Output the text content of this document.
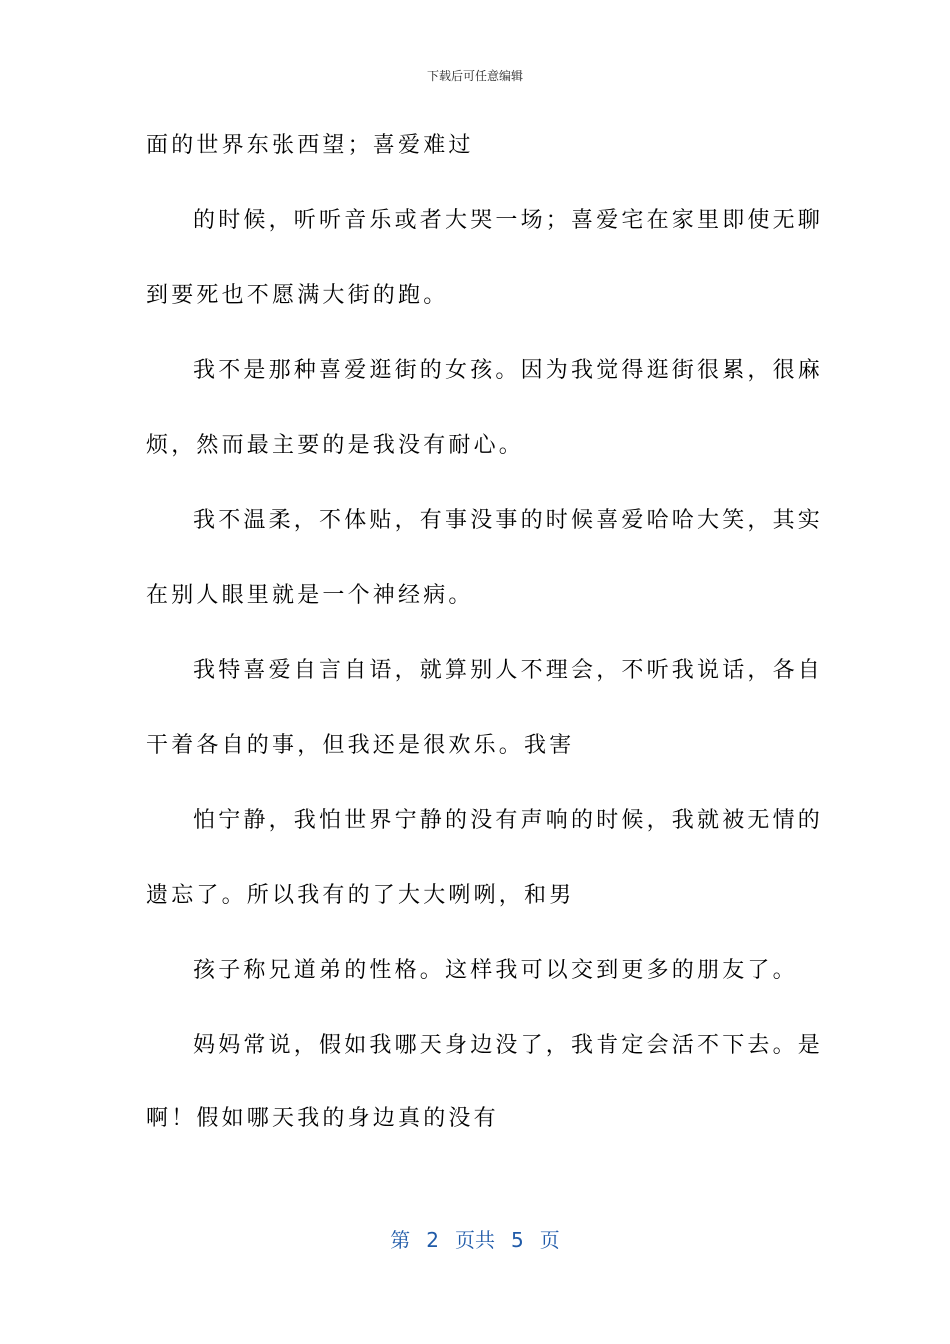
下载后可任意编辑
面的世界东张西望；喜爱难过
的时候，听听音乐或者大哭一场；喜爱宅在家里即使无聊
到要死也不愿满大街的跑。
我不是那种喜爱逛街的女孩。因为我觉得逛街很累，很麻
烦，然而最主要的是我没有耐心。
我不温柔，不体贴，有事没事的时候喜爱哈哈大笑，其实
在别人眼里就是一个神经病。
我特喜爱自言自语，就算别人不理会，不听我说话，各自
干着各自的事，但我还是很欢乐。我害
怕宁静，我怕世界宁静的没有声响的时候，我就被无情的
遗忘了。所以我有的了大大咧咧，和男
孩子称兄道弟的性格。这样我可以交到更多的朋友了。
妈妈常说，假如我哪天身边没了，我肯定会活不下去。是
啊！假如哪天我的身边真的没有
第 2 页共 5 页
